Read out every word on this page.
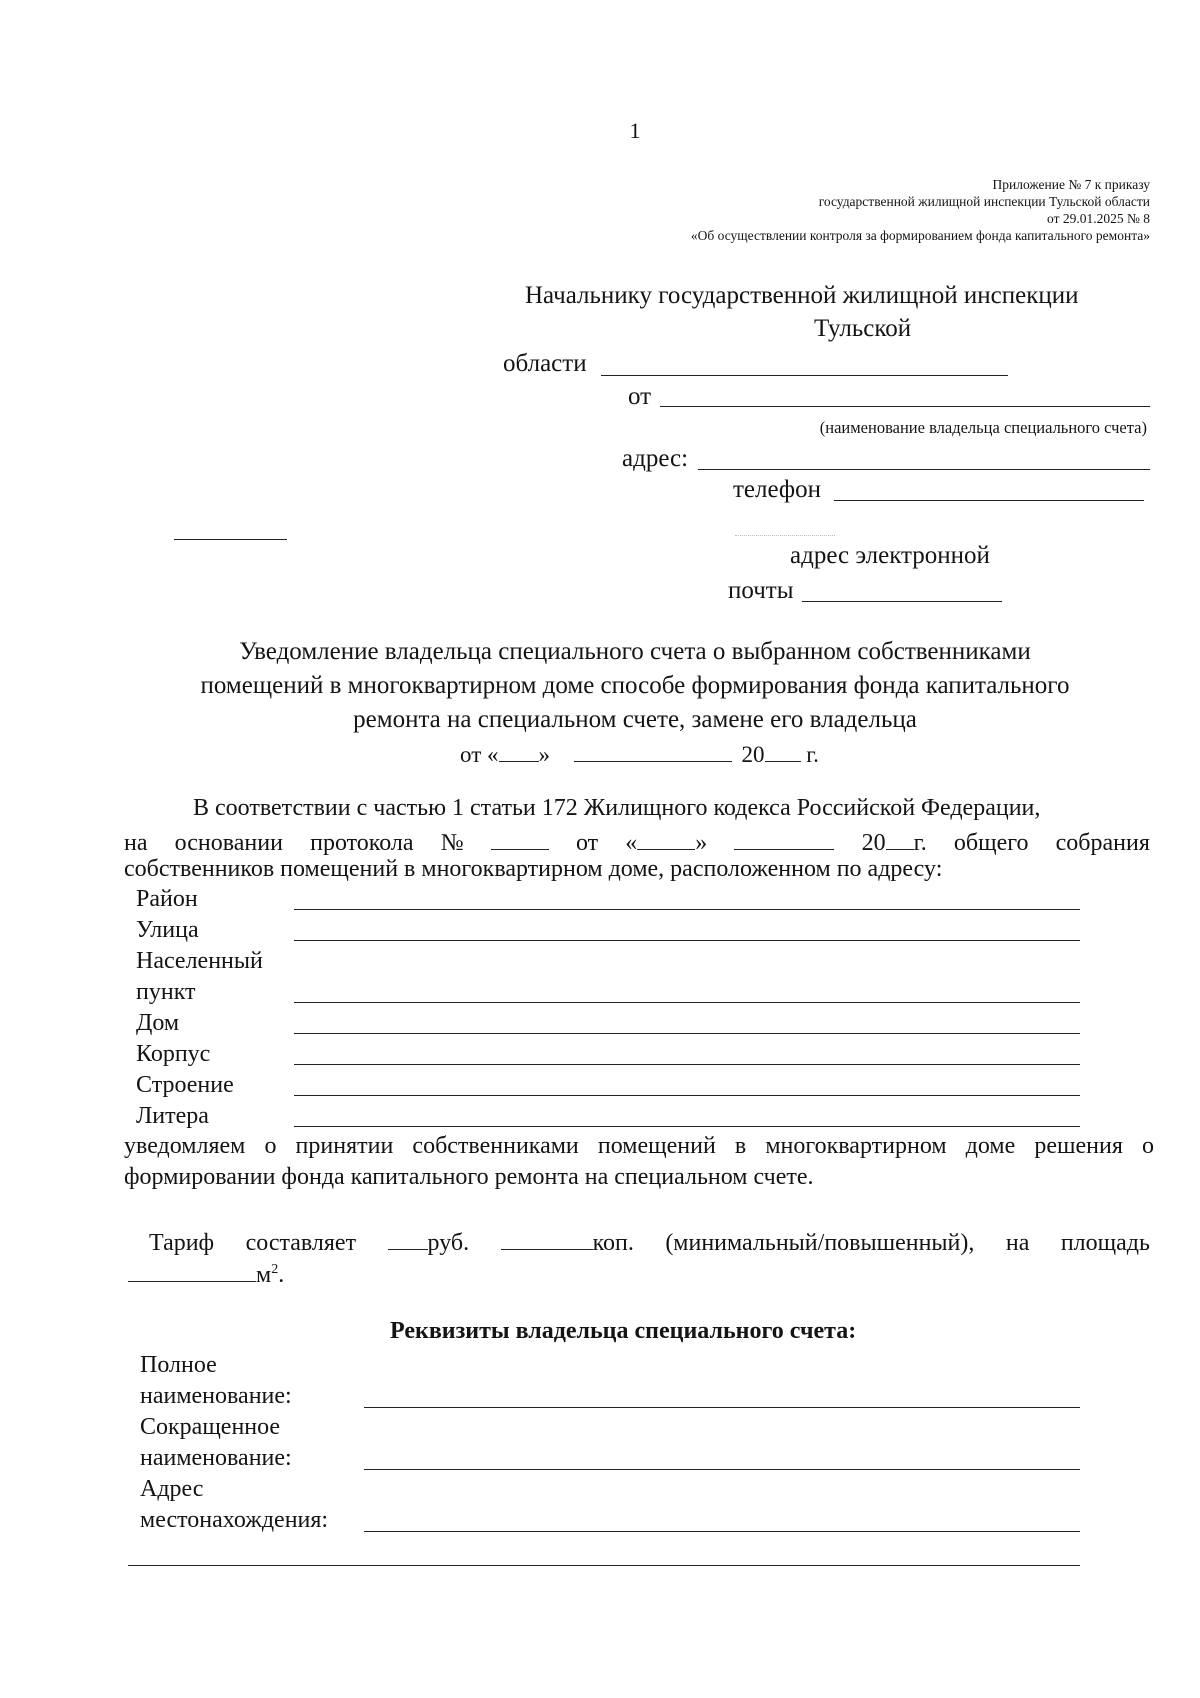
1
Приложение № 7 к приказу
государственной жилищной инспекции Тульской области
от 29.01.2025 № 8
«Об осуществлении контроля за формированием фонда капитального ремонта»
Начальнику государственной жилищной инспекции
Тульской
области
от
(наименование владельца специального счета)
адрес:
телефон
адрес электронной
почты
Уведомление владельца специального счета о выбранном собственниками
помещений в многоквартирном доме способе формирования фонда капитального
ремонта на специальном счете, замене его владельца
от « »	20 г.
В соответствии с частью 1 статьи 172 Жилищного кодекса Российской Федерации,
на основании протокола №	от « »	20 г. общего собрания
собственников помещений в многоквартирном доме, расположенном по адресу:
Район
Улица
Населенный
пункт
Дом
Корпус
Строение
Литера
уведомляем о принятии собственниками помещений в многоквартирном доме решения о
формировании фонда капитального ремонта на специальном счете.
Тариф составляет	руб.	коп. (минимальный/повышенный), на площадь
$м^2$.
Реквизиты владельца специального счета:
Полное
наименование:
Сокращенное
наименование:
Адрес
местонахождения:
